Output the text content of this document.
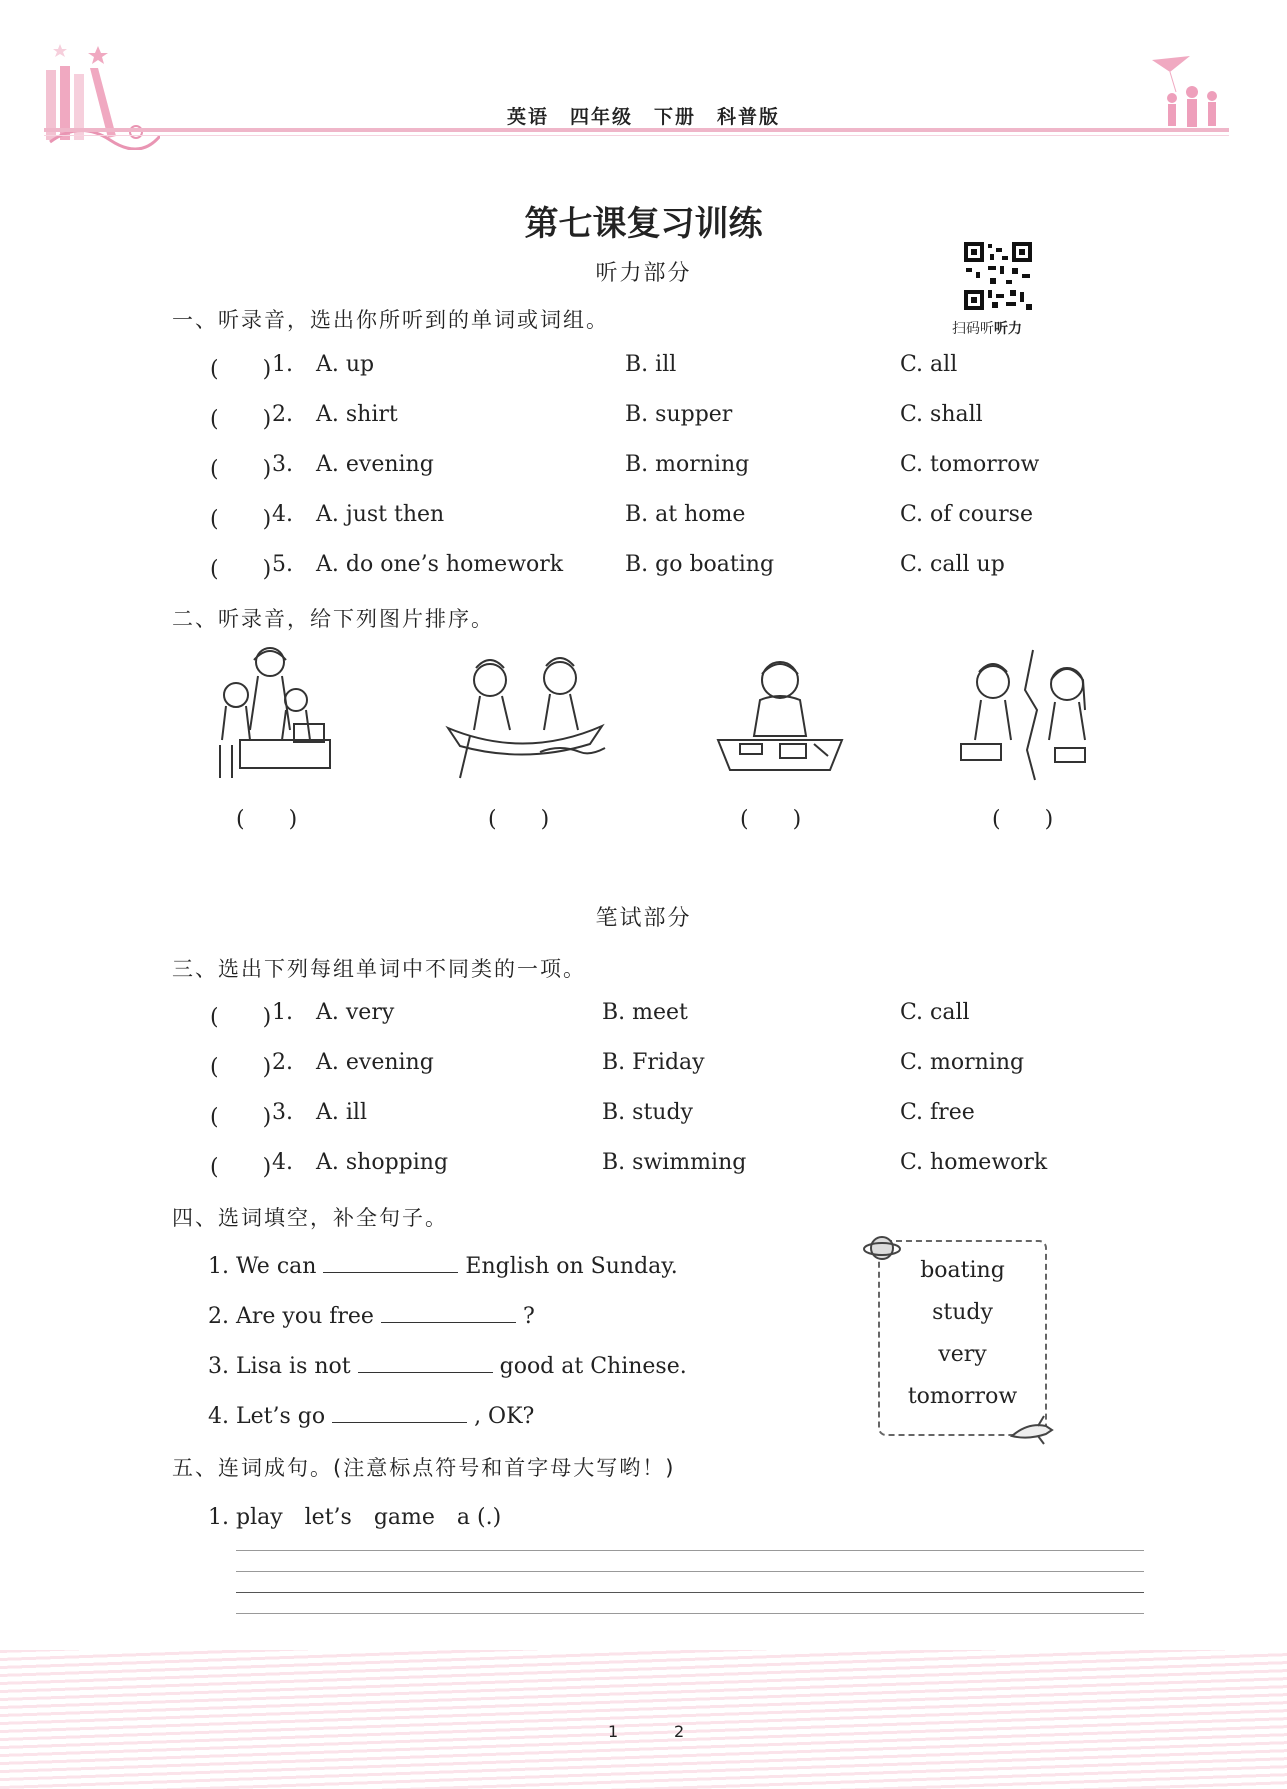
英语　四年级　下册　科普版
第七课复习训练
听力部分
扫码听听力
一、听录音，选出你所听到的单词或词组。
(　　) 1. A. up	B. ill	C. all
(　　) 2. A. shirt	B. supper	C. shall
(　　) 3. A. evening	B. morning	C. tomorrow
(　　) 4. A. just then	B. at home	C. of course
(　　) 5. A. do one’s homework	B. go boating	C. call up
二、听录音，给下列图片排序。
(　　)	(　　)	(　　)	(　　)
笔试部分
三、选出下列每组单词中不同类的一项。
(　　) 1. A. very	B. meet	C. call
(　　) 2. A. evening	B. Friday	C. morning
(　　) 3. A. ill	B. study	C. free
(　　) 4. A. shopping	B. swimming	C. homework
四、选词填空，补全句子。
1. We can	English on Sunday.
2. Are you free	?
3. Lisa is not	good at Chinese.
4. Let’s go	, OK?
boating
study
very
tomorrow
五、连词成句。(注意标点符号和首字母大写哟！)
1. play　let’s　game　a (.)
1	2
